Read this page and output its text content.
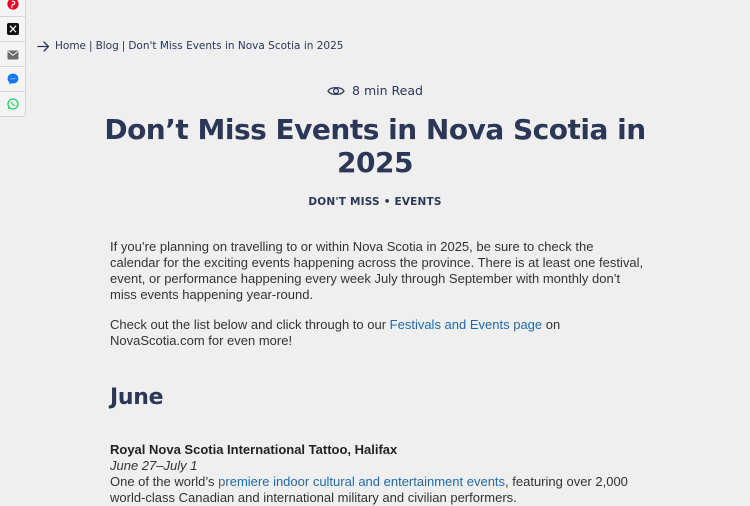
Home | Blog | Don't Miss Events in Nova Scotia in 2025
8 min Read
Don’t Miss Events in Nova Scotia in 2025
DON'T MISS • EVENTS

If you’re planning on travelling to or within Nova Scotia in 2025, be sure to check the calendar for the exciting events happening across the province. There is at least one festival, event, or performance happening every week July through September with monthly don’t miss events happening year-round.

Check out the list below and click through to our Festivals and Events page on NovaScotia.com for even more!

June
Royal Nova Scotia International Tattoo, Halifax
June 27–July 1
One of the world’s premiere indoor cultural and entertainment events, featuring over 2,000 world-class Canadian and international military and civilian performers.
